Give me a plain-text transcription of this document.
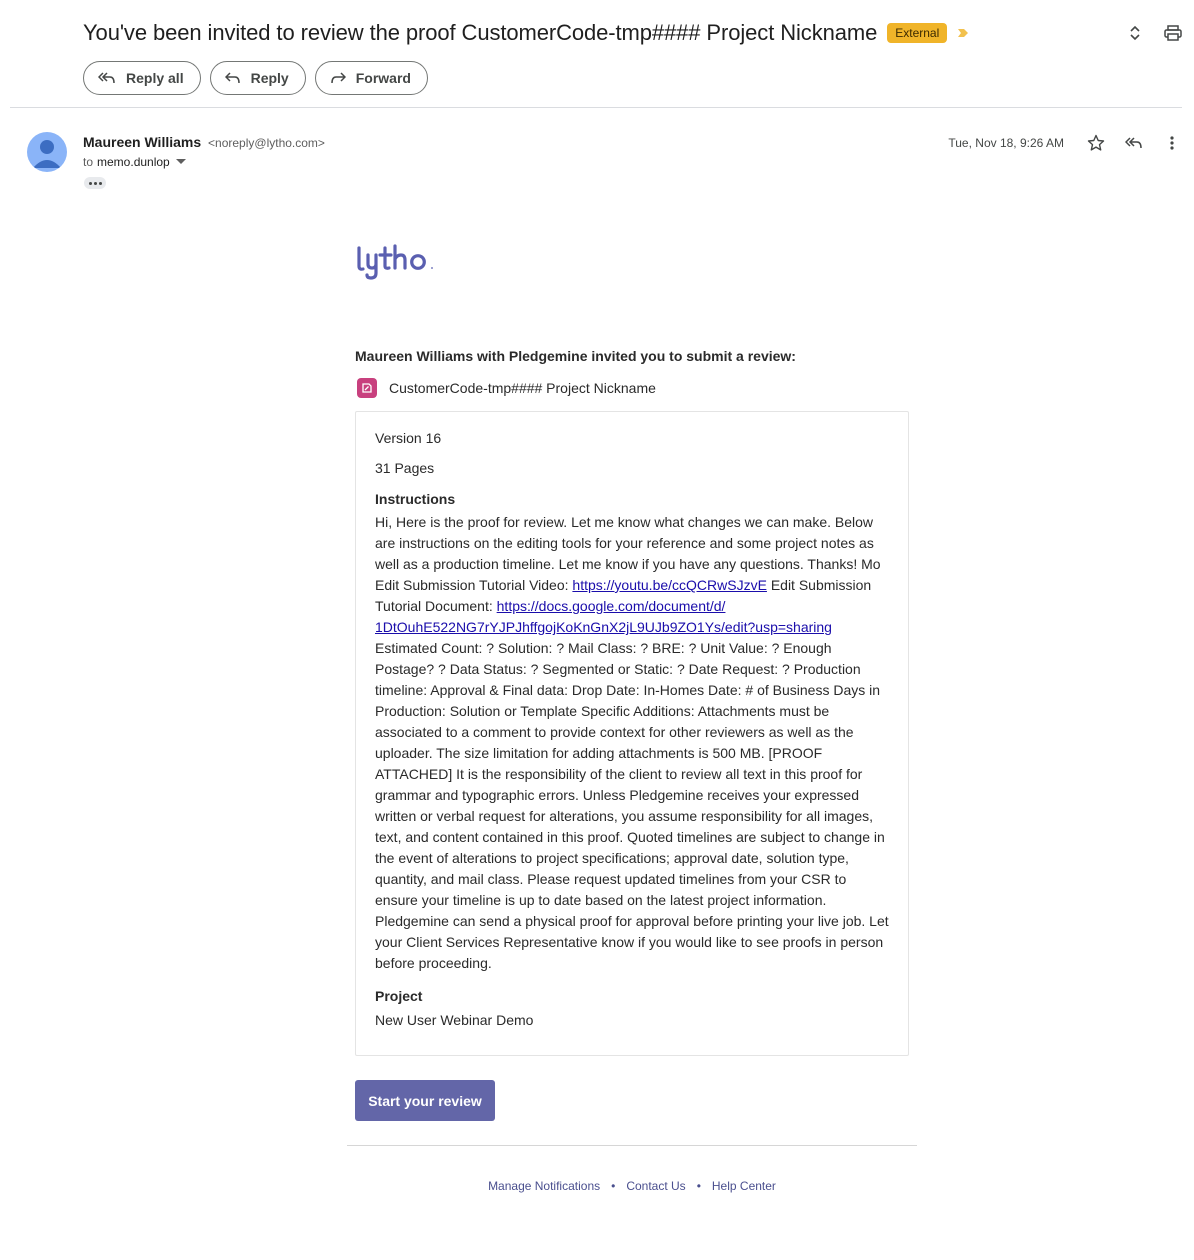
You've been invited to review the proof CustomerCode-tmp#### Project Nickname	External
Reply all	Reply	Forward
Maureen Williams <noreply@lytho.com>
to memo.dunlop
Tue, Nov 18, 9:26 AM
Maureen Williams with Pledgemine invited you to submit a review:
CustomerCode-tmp#### Project Nickname
Version 16
31 Pages
Instructions
Hi, Here is the proof for review. Let me know what changes we can make. Below are instructions on the editing tools for your reference and some project notes as well as a production timeline. Let me know if you have any questions. Thanks! Mo Edit Submission Tutorial Video: https://youtu.be/ccQCRwSJzvE Edit Submission Tutorial Document: https://docs.google.com/document/d/ 1DtOuhE522NG7rYJPJhffgojKoKnGnX2jL9UJb9ZO1Ys/edit?usp=sharing Estimated Count: ? Solution: ? Mail Class: ? BRE: ? Unit Value: ? Enough Postage? ? Data Status: ? Segmented or Static: ? Date Request: ? Production timeline: Approval & Final data: Drop Date: In-Homes Date: # of Business Days in Production: Solution or Template Specific Additions: Attachments must be associated to a comment to provide context for other reviewers as well as the uploader. The size limitation for adding attachments is 500 MB. [PROOF ATTACHED] It is the responsibility of the client to review all text in this proof for grammar and typographic errors. Unless Pledgemine receives your expressed written or verbal request for alterations, you assume responsibility for all images, text, and content contained in this proof. Quoted timelines are subject to change in the event of alterations to project specifications; approval date, solution type, quantity, and mail class. Please request updated timelines from your CSR to ensure your timeline is up to date based on the latest project information. Pledgemine can send a physical proof for approval before printing your live job. Let your Client Services Representative know if you would like to see proofs in person before proceeding.
Project
New User Webinar Demo
Start your review
Manage Notifications • Contact Us • Help Center
